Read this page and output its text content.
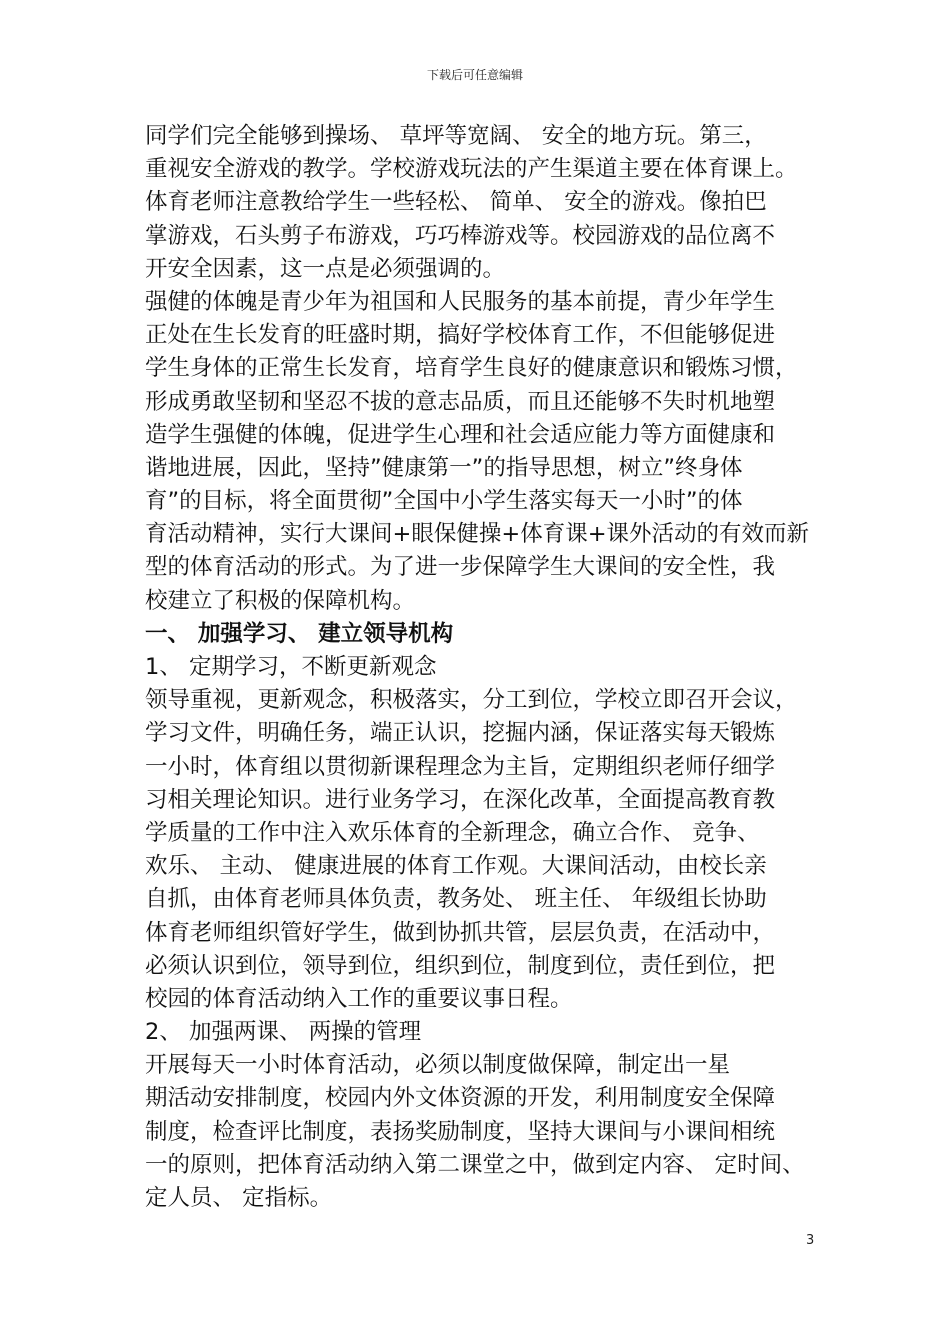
下载后可任意编辑
同学们完全能够到操场、 草坪等宽阔、 安全的地方玩。第三，
重视安全游戏的教学。学校游戏玩法的产生渠道主要在体育课上。
体育老师注意教给学生一些轻松、 简单、 安全的游戏。像拍巴
掌游戏，石头剪子布游戏，巧巧棒游戏等。校园游戏的品位离不
开安全因素，这一点是必须强调的。
强健的体魄是青少年为祖国和人民服务的基本前提，青少年学生
正处在生长发育的旺盛时期，搞好学校体育工作，不但能够促进
学生身体的正常生长发育，培育学生良好的健康意识和锻炼习惯，
形成勇敢坚韧和坚忍不拔的意志品质，而且还能够不失时机地塑
造学生强健的体魄，促进学生心理和社会适应能力等方面健康和
谐地进展，因此，坚持”健康第一”的指导思想，树立”终身体
育”的目标，将全面贯彻”全国中小学生落实每天一小时”的体
育活动精神，实行大课间+眼保健操+体育课+课外活动的有效而新
型的体育活动的形式。为了进一步保障学生大课间的安全性，我
校建立了积极的保障机构。
一、 加强学习、 建立领导机构
1、 定期学习，不断更新观念
领导重视，更新观念，积极落实，分工到位，学校立即召开会议，
学习文件，明确任务，端正认识，挖掘内涵，保证落实每天锻炼
一小时，体育组以贯彻新课程理念为主旨，定期组织老师仔细学
习相关理论知识。进行业务学习，在深化改革，全面提高教育教
学质量的工作中注入欢乐体育的全新理念，确立合作、 竞争、
欢乐、 主动、 健康进展的体育工作观。大课间活动，由校长亲
自抓，由体育老师具体负责，教务处、 班主任、 年级组长协助
体育老师组织管好学生，做到协抓共管，层层负责，在活动中，
必须认识到位，领导到位，组织到位，制度到位，责任到位，把
校园的体育活动纳入工作的重要议事日程。
2、 加强两课、 两操的管理
开展每天一小时体育活动，必须以制度做保障，制定出一星
期活动安排制度，校园内外文体资源的开发，利用制度安全保障
制度，检查评比制度，表扬奖励制度，坚持大课间与小课间相统
一的原则，把体育活动纳入第二课堂之中，做到定内容、 定时间、
定人员、 定指标。
3
